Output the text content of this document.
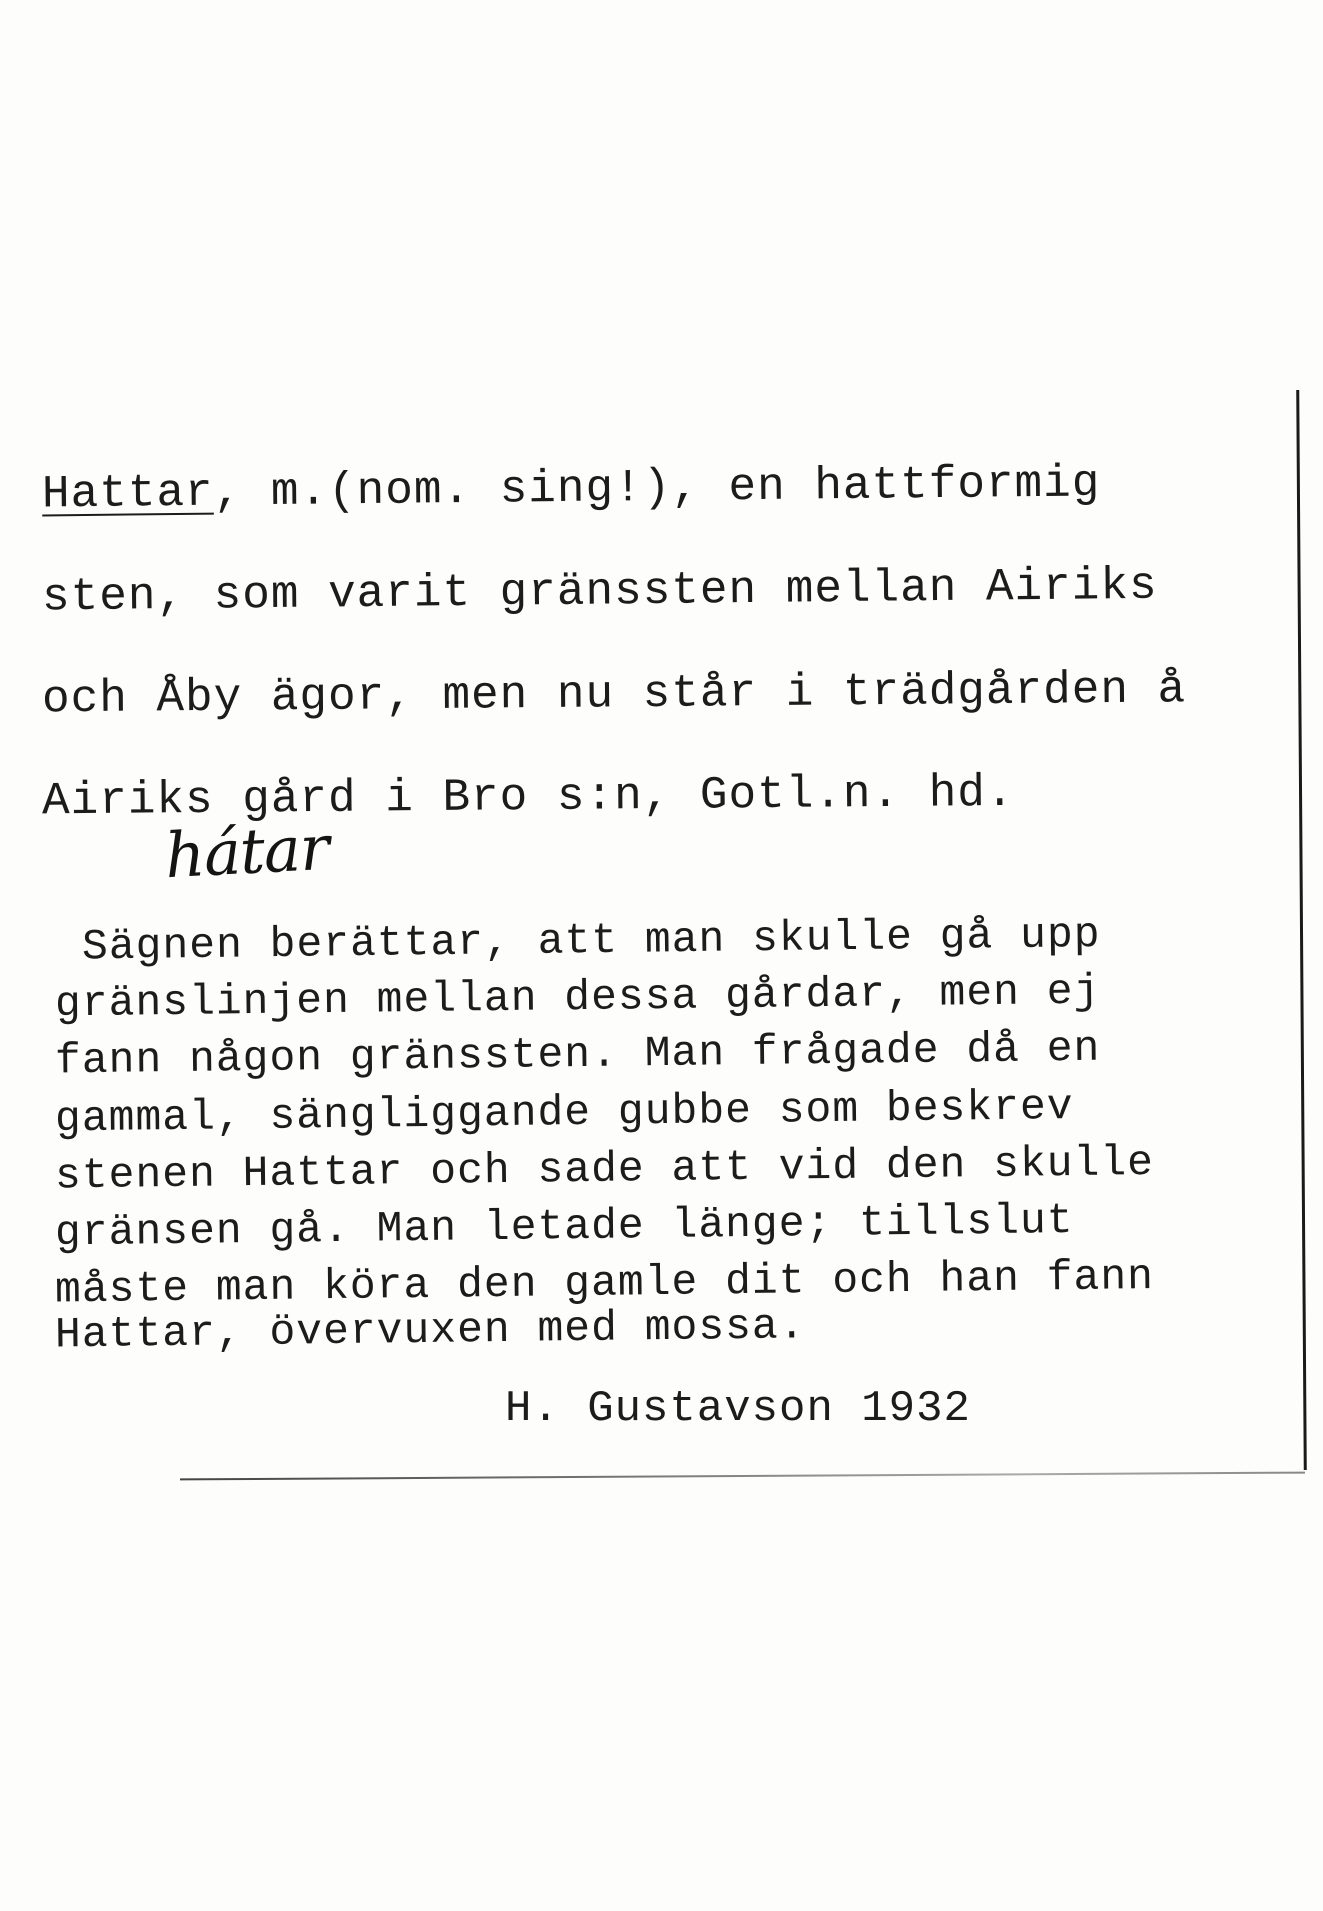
Hattar, m.(nom. sing!), en hattformig
sten, som varit gränssten mellan Airiks
och Åby ägor, men nu står i trädgården å
Airiks gård i Bro s:n, Gotl.n. hd.
hátar
Sägnen berättar, att man skulle gå upp
gränslinjen mellan dessa gårdar, men ej
fann någon gränssten. Man frågade då en
gammal, sängliggande gubbe som beskrev
stenen Hattar och sade att vid den skulle
gränsen gå. Man letade länge; tillslut
måste man köra den gamle dit och han fann
Hattar, övervuxen med mossa.
H. Gustavson 1932
